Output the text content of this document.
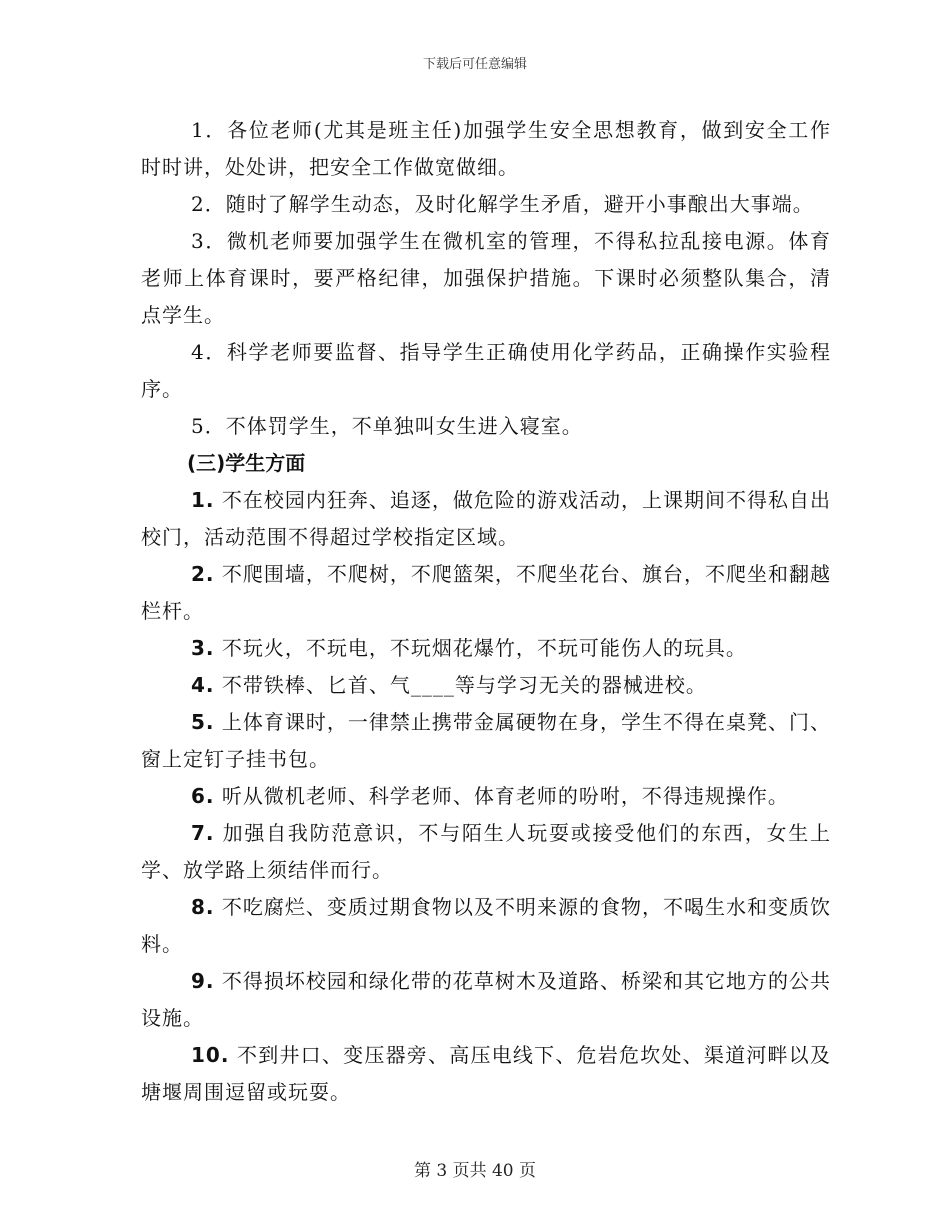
下载后可任意编辑

1．各位老师(尤其是班主任)加强学生安全思想教育，做到安全工作时时讲，处处讲，把安全工作做宽做细。

2．随时了解学生动态，及时化解学生矛盾，避开小事酿出大事端。

3．微机老师要加强学生在微机室的管理，不得私拉乱接电源。体育老师上体育课时，要严格纪律，加强保护措施。下课时必须整队集合，清点学生。

4．科学老师要监督、指导学生正确使用化学药品，正确操作实验程序。

5．不体罚学生，不单独叫女生进入寝室。

(三)学生方面

1. 不在校园内狂奔、追逐，做危险的游戏活动，上课期间不得私自出校门，活动范围不得超过学校指定区域。

2. 不爬围墙，不爬树，不爬篮架，不爬坐花台、旗台，不爬坐和翻越栏杆。

3. 不玩火，不玩电，不玩烟花爆竹，不玩可能伤人的玩具。

4. 不带铁棒、匕首、气____等与学习无关的器械进校。

5. 上体育课时，一律禁止携带金属硬物在身，学生不得在桌凳、门、窗上定钉子挂书包。

6. 听从微机老师、科学老师、体育老师的吩咐，不得违规操作。

7. 加强自我防范意识，不与陌生人玩耍或接受他们的东西，女生上学、放学路上须结伴而行。

8. 不吃腐烂、变质过期食物以及不明来源的食物，不喝生水和变质饮料。

9. 不得损坏校园和绿化带的花草树木及道路、桥梁和其它地方的公共设施。

10. 不到井口、变压器旁、高压电线下、危岩危坎处、渠道河畔以及塘堰周围逗留或玩耍。

第 3 页共 40 页
